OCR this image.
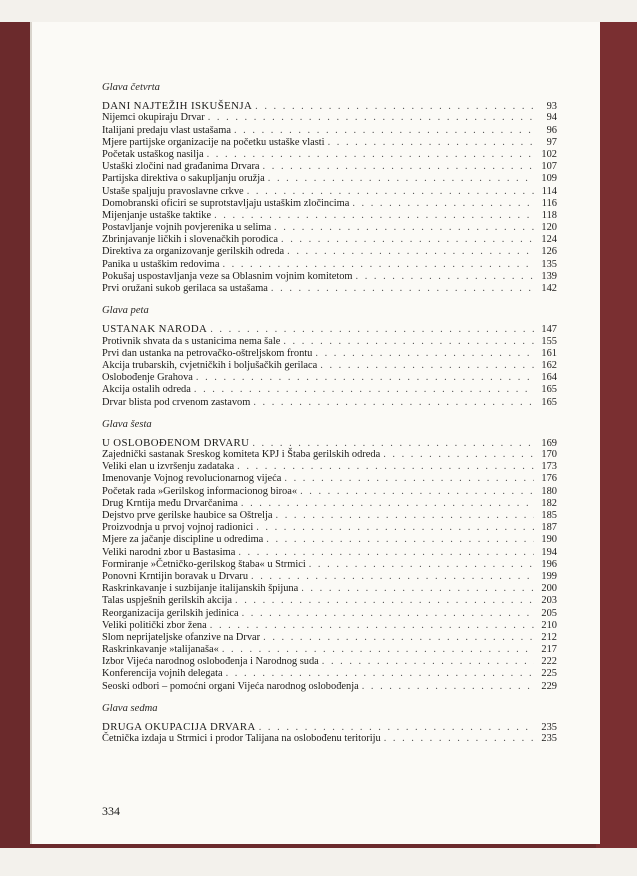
Glava četvrta
DANI NAJTEŽIH ISKUŠENJA . . .	93
Nijemci okupiraju Drvar . . .	94
Italijani predaju vlast ustašama . . .	96
Mjere partijske organizacije na početku ustaške vlasti . . .	97
Početak ustaškog nasilja . . .	102
Ustaški zločini nad građanima Drvara . . .	107
Partijska direktiva o sakupljanju oružja . . .	109
Ustaše spaljuju pravoslavne crkve . . .	114
Domobranski oficiri se suprotstavljaju ustaškim zločincima . . .	116
Mijenjanje ustaške taktike . . .	118
Postavljanje vojnih povjerenika u selima . . .	120
Zbrinjavanje ličkih i slovenačkih porodica . . .	124
Direktiva za organizovanje gerilskih odreda . . .	126
Panika u ustaškim redovima . . .	135
Pokušaj uspostavljanja veze sa Oblasnim vojnim komitetom . . .	139
Prvi oružani sukob gerilaca sa ustašama . . .	142
Glava peta
USTANAK NARODA . . .	147
Protivnik shvata da s ustanicima nema šale . . .	155
Prvi dan ustanka na petrovačko-oštreljskom frontu . . .	161
Akcija trubarskih, cvjetničkih i boljušačkih gerilaca . . .	162
Oslobođenje Grahova . . .	164
Akcija ostalih odreda . . .	165
Drvar blista pod crvenom zastavom . . .	165
Glava šesta
U OSLOBOĐENOM DRVARU . . .	169
Zajednički sastanak Sreskog komiteta KPJ i Štaba gerilskih odreda . . .	170
Veliki elan u izvršenju zadataka . . .	173
Imenovanje Vojnog revolucionarnog vijeća . . .	176
Početak rada »Gerilskog informacionog biroa« . . .	180
Drug Krntija među Drvarčanima . . .	182
Dejstvo prve gerilske haubice sa Oštrelja . . .	185
Proizvodnja u prvoj vojnoj radionici . . .	187
Mjere za jačanje discipline u odredima . . .	190
Veliki narodni zbor u Bastasima . . .	194
Formiranje »Četničko-gerilskog štaba« u Strmici . . .	196
Ponovni Krntijin boravak u Drvaru . . .	199
Raskrinkavanje i suzbijanje italijanskih špijuna . . .	200
Talas uspješnih gerilskih akcija . . .	203
Reorganizacija gerilskih jedinica . . .	205
Veliki politički zbor žena . . .	210
Slom neprijateljske ofanzive na Drvar . . .	212
Raskrinkavanje »talijanaša« . . .	217
Izbor Vijeća narodnog oslobođenja i Narodnog suda . . .	222
Konferencija vojnih delegata . . .	225
Seoski odbori – pomoćni organi Vijeća narodnog oslobođenja . . .	229
Glava sedma
DRUGA OKUPACIJA DRVARA . . .	235
Četnička izdaja u Strmici i prodor Talijana na oslobođenu teritoriju . . .	235
334
